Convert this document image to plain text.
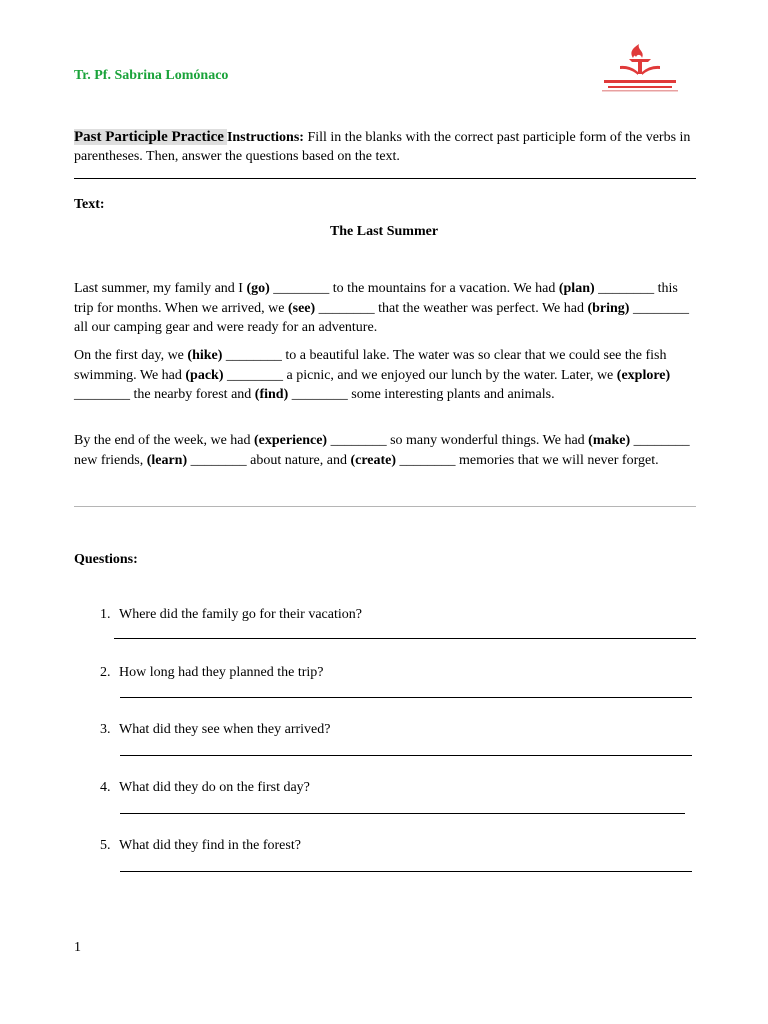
Tr. Pf. Sabrina Lomónaco
Past Participle Practice Instructions: Fill in the blanks with the correct past participle form of the verbs in parentheses. Then, answer the questions based on the text.
Text:
The Last Summer
Last summer, my family and I (go) ________ to the mountains for a vacation. We had (plan) ________ this trip for months. When we arrived, we (see) ________ that the weather was perfect. We had (bring) ________ all our camping gear and were ready for an adventure.
On the first day, we (hike) ________ to a beautiful lake. The water was so clear that we could see the fish swimming. We had (pack) ________ a picnic, and we enjoyed our lunch by the water. Later, we (explore) ________ the nearby forest and (find) ________ some interesting plants and animals.
By the end of the week, we had (experience) ________ so many wonderful things. We had (make) ________ new friends, (learn) ________ about nature, and (create) ________ memories that we will never forget.
Questions:
1. Where did the family go for their vacation?
2. How long had they planned the trip?
3. What did they see when they arrived?
4. What did they do on the first day?
5. What did they find in the forest?
1
